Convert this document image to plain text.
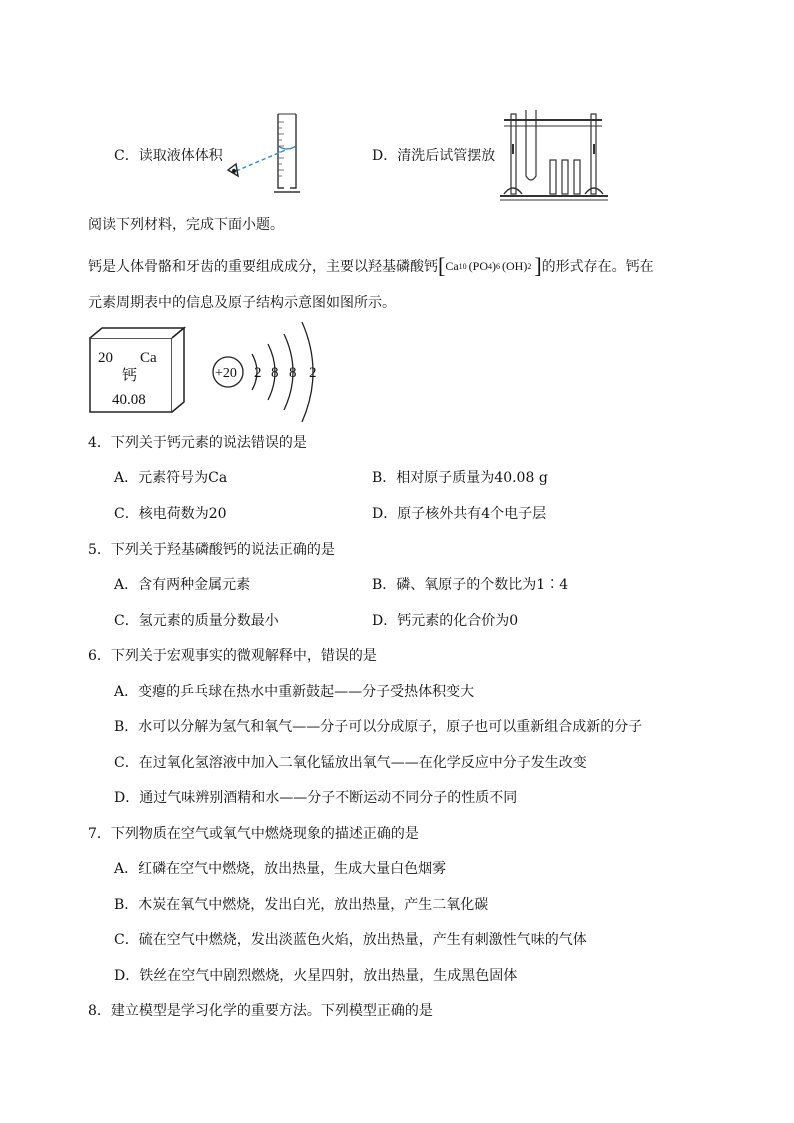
C．读取液体体积	D．清洗后试管摆放
阅读下列材料，完成下面小题。
钙是人体骨骼和牙齿的重要组成成分，主要以羟基磷酸钙 [ Ca 10 (PO 4 ) 6 (OH) 2 ] 的形式存在。钙在
元素周期表中的信息及原子结构示意图如图所示。
20 Ca
钙
40.08
+20 2 8 8 2
4．下列关于钙元素的说法错误的是
A．元素符号为Ca	B．相对原子质量为40.08 g
C．核电荷数为20	D．原子核外共有4个电子层
5．下列关于羟基磷酸钙的说法正确的是
A．含有两种金属元素	B．磷、氧原子的个数比为1∶4
C．氢元素的质量分数最小	D．钙元素的化合价为0
6．下列关于宏观事实的微观解释中，错误的是
A．变瘪的乒乓球在热水中重新鼓起——分子受热体积变大
B．水可以分解为氢气和氧气——分子可以分成原子，原子也可以重新组合成新的分子
C．在过氧化氢溶液中加入二氧化锰放出氧气——在化学反应中分子发生改变
D．通过气味辨别酒精和水——分子不断运动不同分子的性质不同
7．下列物质在空气或氧气中燃烧现象的描述正确的是
A．红磷在空气中燃烧，放出热量，生成大量白色烟雾
B．木炭在氧气中燃烧，发出白光，放出热量，产生二氧化碳
C．硫在空气中燃烧，发出淡蓝色火焰，放出热量，产生有刺激性气味的气体
D．铁丝在空气中剧烈燃烧，火星四射，放出热量，生成黑色固体
8．建立模型是学习化学的重要方法。下列模型正确的是
